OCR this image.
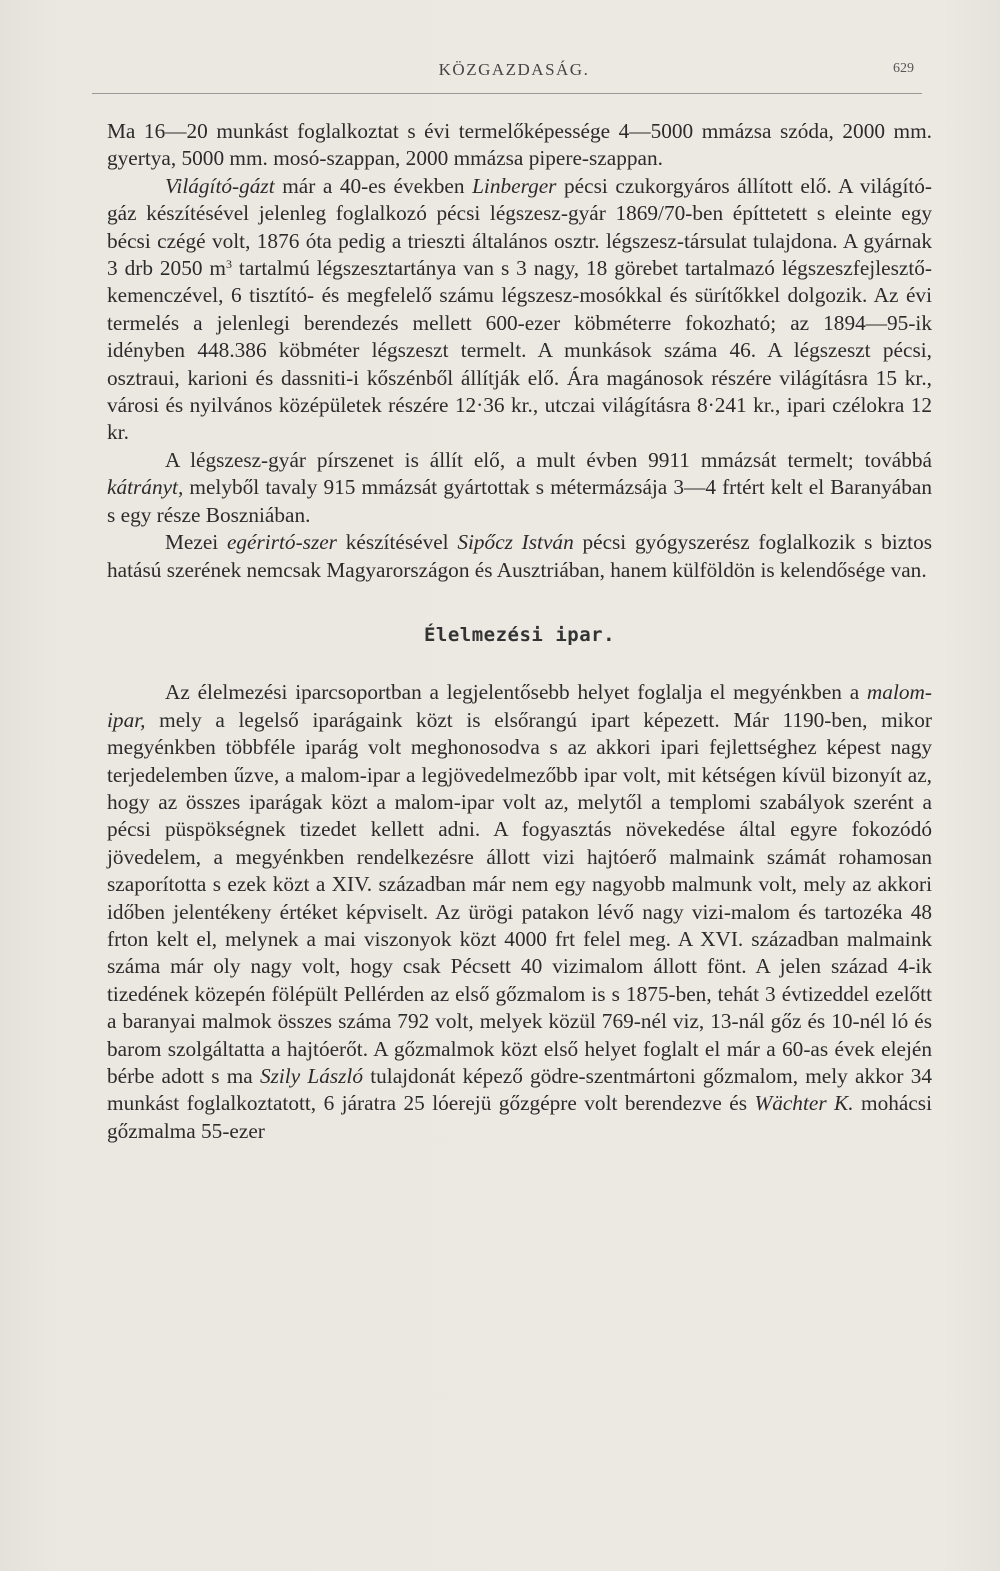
KÖZGAZDASÁG.	629

Ma 16—20 munkást foglalkoztat s évi termelőképessége 4—5000 mmázsa szóda, 2000 mm. gyertya, 5000 mm. mosó-szappan, 2000 mmázsa pipere-szappan.

Világító-gázt már a 40-es években Linberger pécsi czukorgyáros állított elő. A világító-gáz készítésével jelenleg foglalkozó pécsi légszesz-gyár 1869/70-ben építtetett s eleinte egy bécsi czégé volt, 1876 óta pedig a trieszti általános osztr. légszesz-társulat tulajdona. A gyárnak 3 drb 2050 $m^3$ tartalmú légszesztartánya van s 3 nagy, 18 görebet tartalmazó légszeszfejlesztő-kemenczével, 6 tisztító- és megfelelő számu légszesz-mosókkal és sürítőkkel dolgozik. Az évi termelés a jelenlegi berendezés mellett 600-ezer köbméterre fokozható; az 1894—95-ik idényben 448.386 köbméter légszeszt termelt. A munkások száma 46. A légszeszt pécsi, osztraui, karioni és dassniti-i kőszénből állítják elő. Ára magánosok részére világításra 15 kr., városi és nyilvános középületek részére 12·36 kr., utczai világításra 8·241 kr., ipari czélokra 12 kr.

A légszesz-gyár pírszenet is állít elő, a mult évben 9911 mmázsát termelt; továbbá kátrányt, melyből tavaly 915 mmázsát gyártottak s métermázsája 3—4 frtért kelt el Baranyában s egy része Boszniában.

Mezei egérirtó-szer készítésével Sipőcz István pécsi gyógyszerész foglalkozik s biztos hatású szerének nemcsak Magyarországon és Ausztriában, hanem külföldön is kelendősége van.

Élelmezési ipar.

Az élelmezési iparcsoportban a legjelentősebb helyet foglalja el megyénkben a malom-ipar, mely a legelső iparágaink közt is elsőrangú ipart képezett. Már 1190-ben, mikor megyénkben többféle iparág volt meghonosodva s az akkori ipari fejlettséghez képest nagy terjedelemben űzve, a malom-ipar a legjövedelmezőbb ipar volt, mit kétségen kívül bizonyít az, hogy az összes iparágak közt a malom-ipar volt az, melytől a templomi szabályok szerént a pécsi püspökségnek tizedet kellett adni. A fogyasztás növekedése által egyre fokozódó jövedelem, a megyénkben rendelkezésre állott vizi hajtóerő malmaink számát rohamosan szaporította s ezek közt a XIV. században már nem egy nagyobb malmunk volt, mely az akkori időben jelentékeny értéket képviselt. Az ürögi patakon lévő nagy vizi-malom és tartozéka 48 frton kelt el, melynek a mai viszonyok közt 4000 frt felel meg. A XVI. században malmaink száma már oly nagy volt, hogy csak Pécsett 40 vizimalom állott fönt. A jelen század 4-ik tizedének közepén fölépült Pellérden az első gőzmalom is s 1875-ben, tehát 3 évtizeddel ezelőtt a baranyai malmok összes száma 792 volt, melyek közül 769-nél viz, 13-nál gőz és 10-nél ló és barom szolgáltatta a hajtóerőt. A gőzmalmok közt első helyet foglalt el már a 60-as évek elején bérbe adott s ma Szily László tulajdonát képező gödre-szentmártoni gőzmalom, mely akkor 34 munkást foglalkoztatott, 6 járatra 25 lóerejü gőzgépre volt berendezve és Wächter K. mohácsi gőzmalma 55-ezer
